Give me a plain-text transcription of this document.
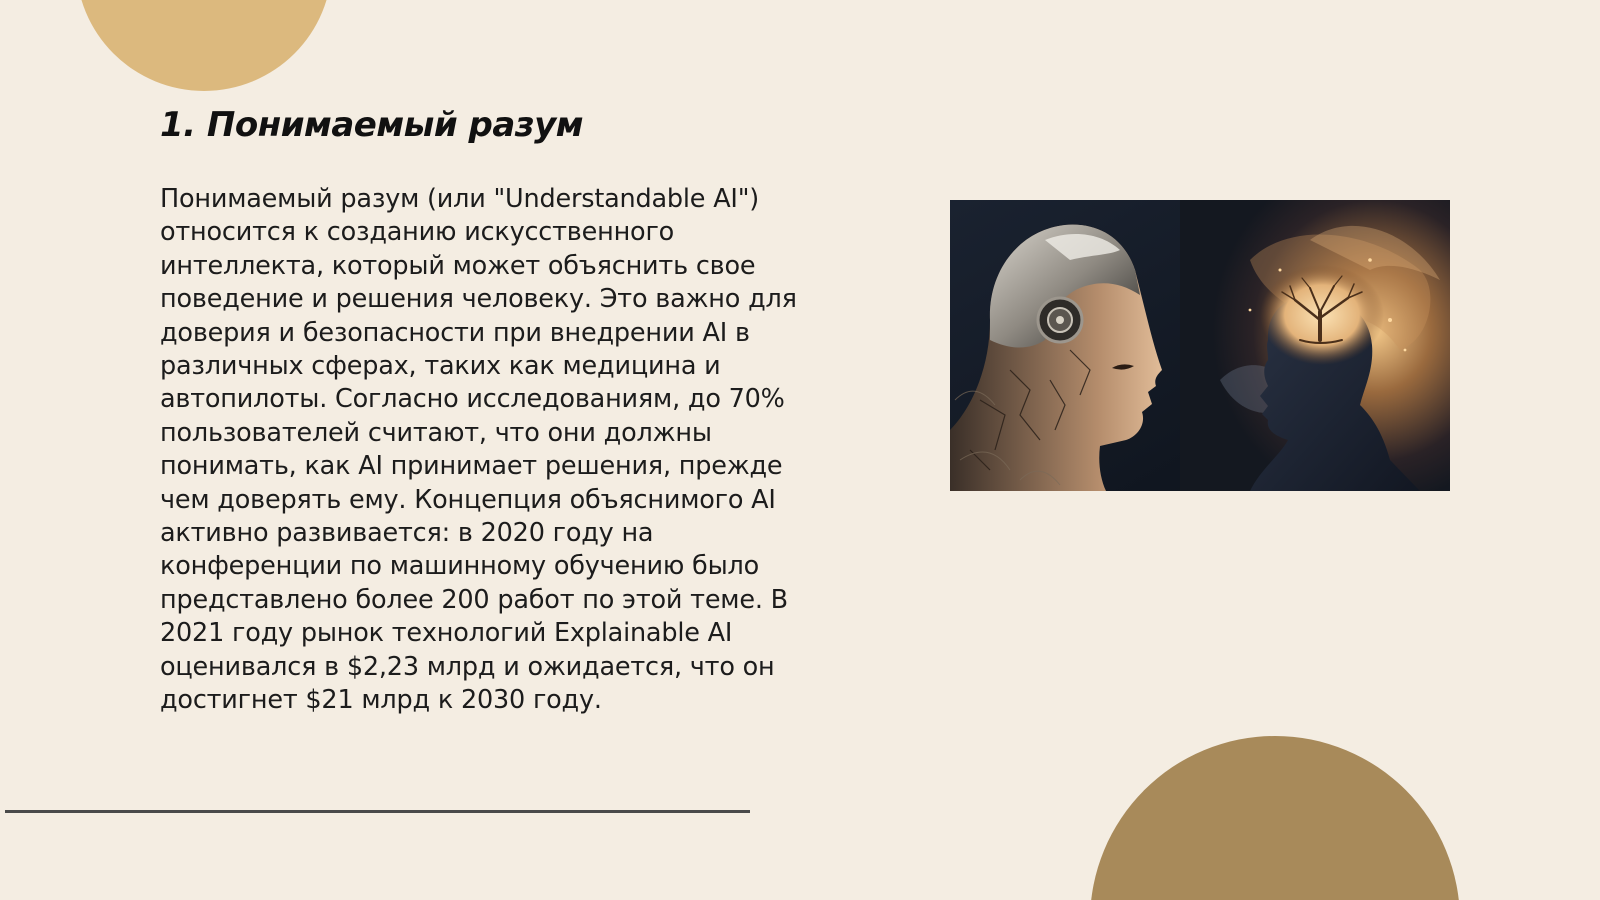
1. Понимаемый разум

Понимаемый разум (или "Understandable AI") относится к созданию искусственного интеллекта, который может объяснить свое поведение и решения человеку. Это важно для доверия и безопасности при внедрении AI в различных сферах, таких как медицина и автопилоты. Согласно исследованиям, до 70% пользователей считают, что они должны понимать, как AI принимает решения, прежде чем доверять ему. Концепция объяснимого AI активно развивается: в 2020 году на конференции по машинному обучению было представлено более 200 работ по этой теме. В 2021 году рынок технологий Explainable AI оценивался в $2,23 млрд и ожидается, что он достигнет $21 млрд к 2030 году.
